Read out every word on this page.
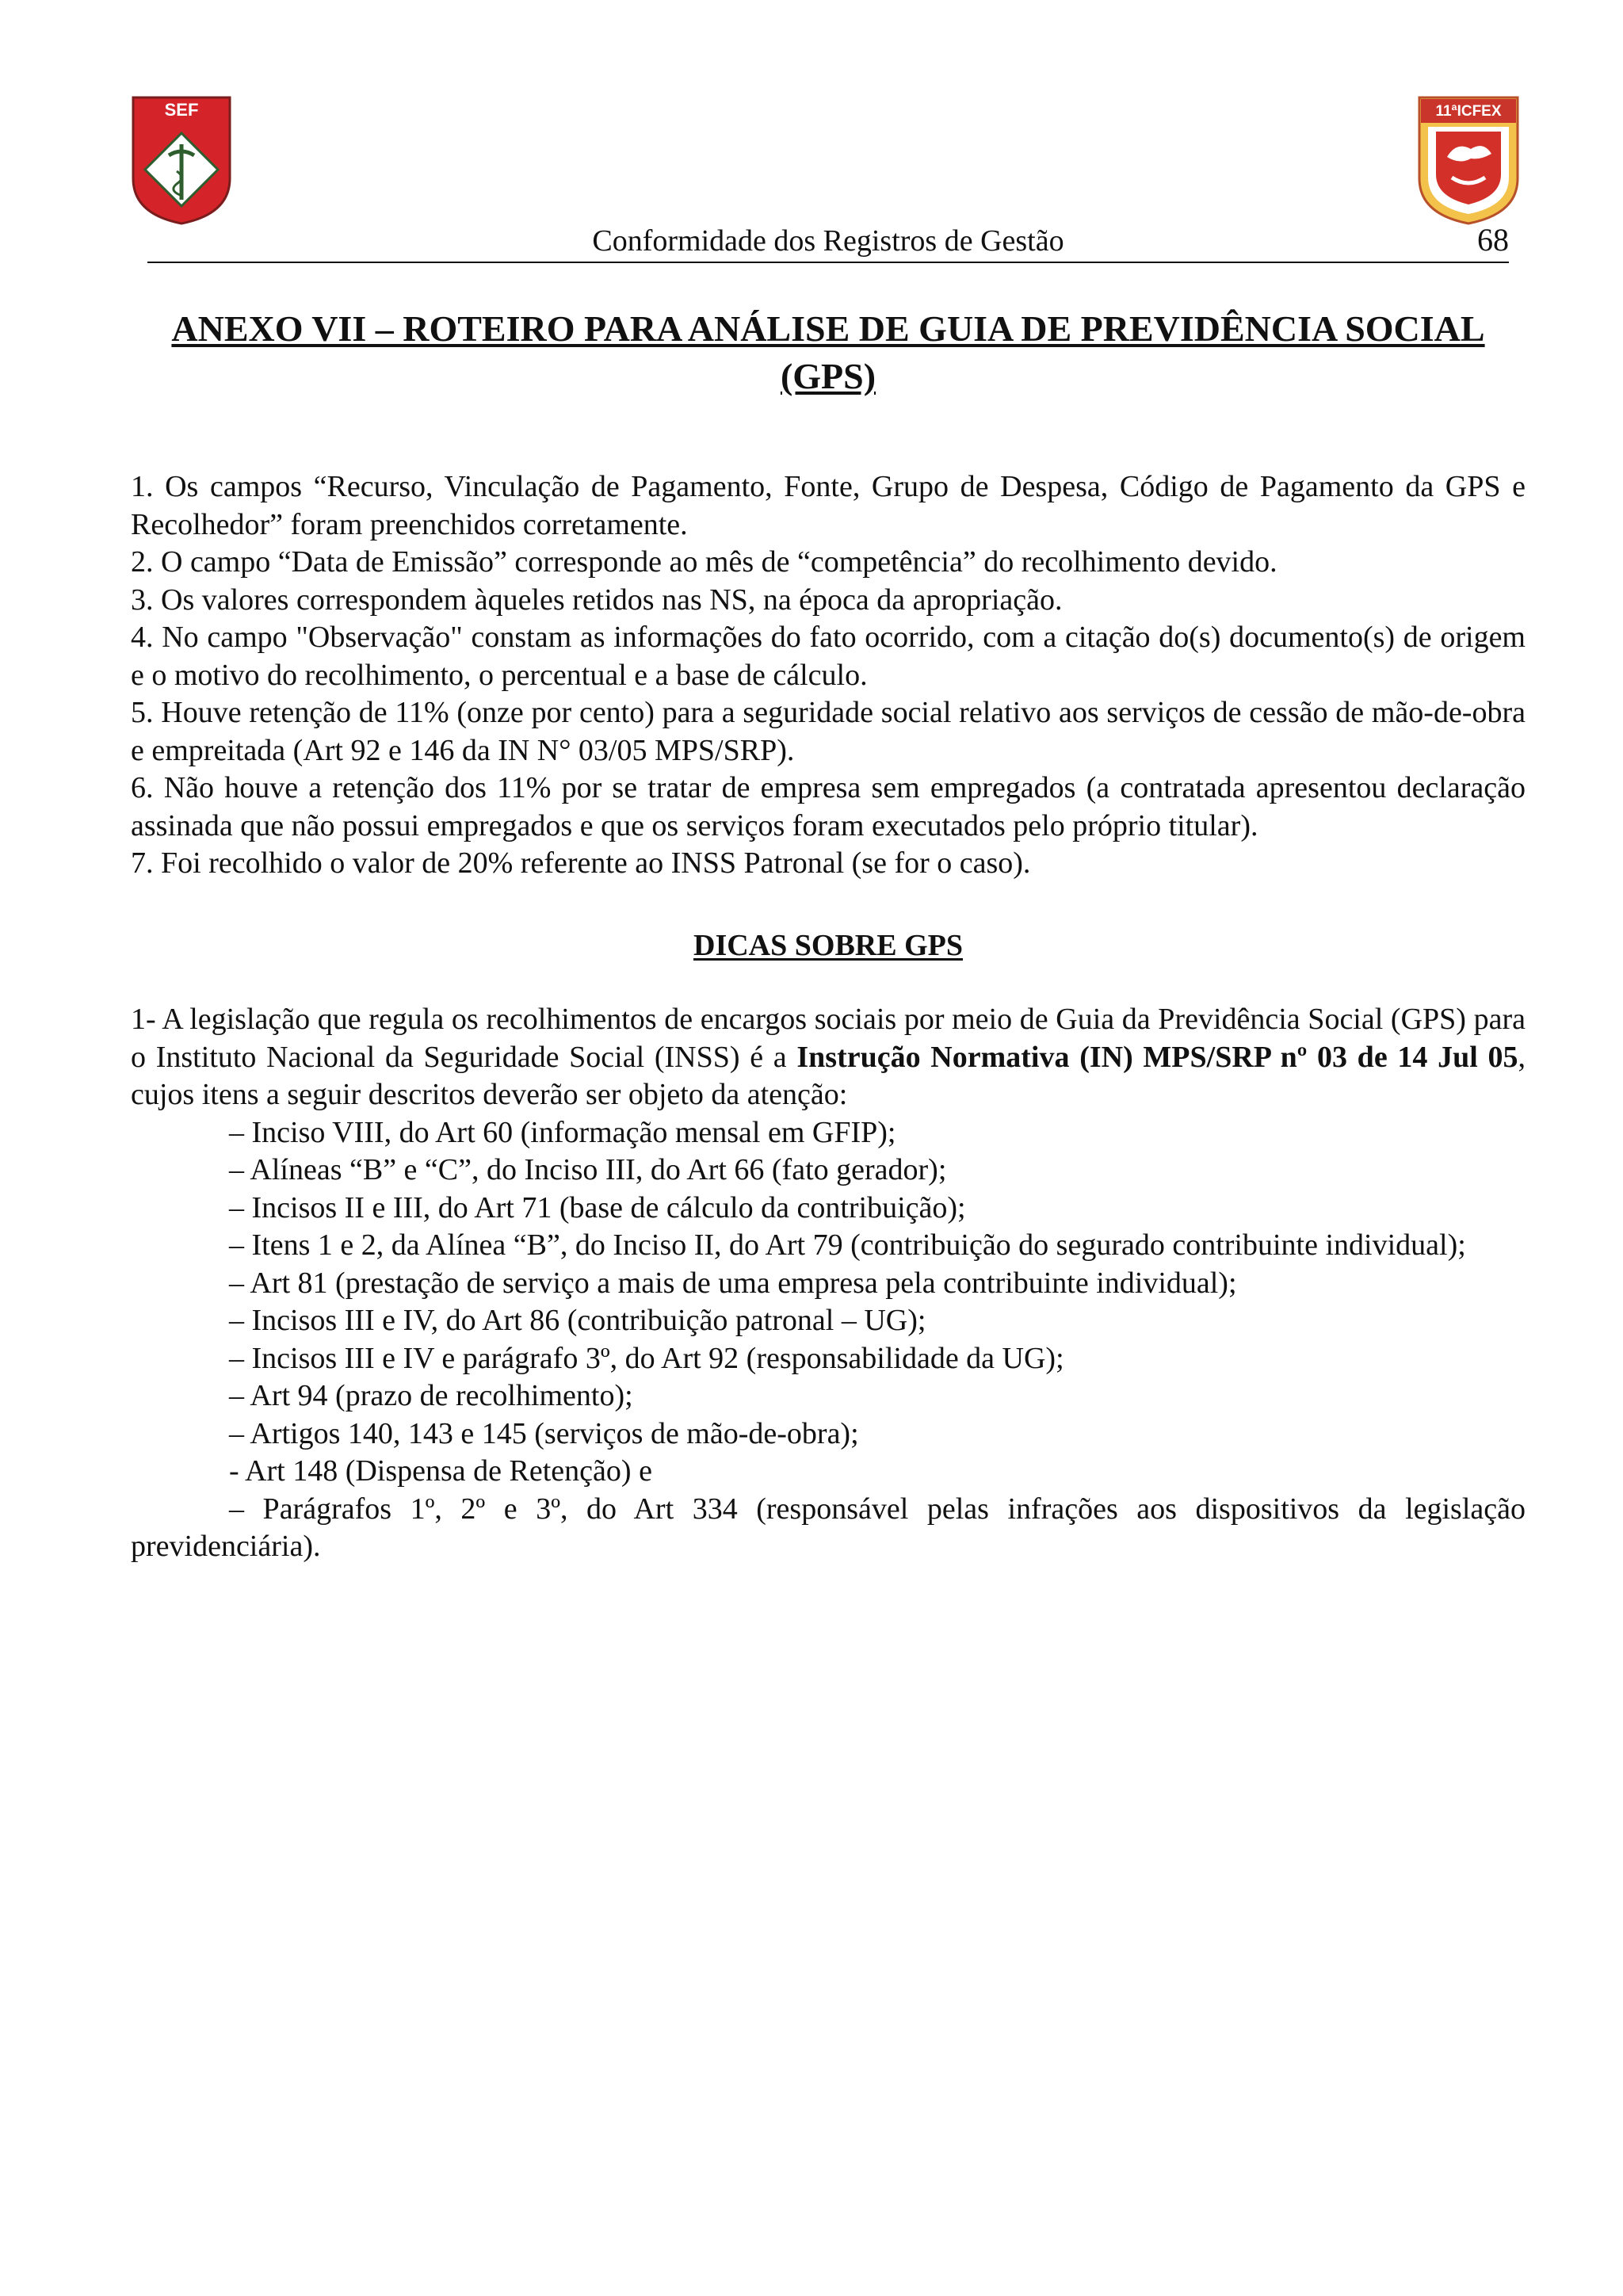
SEF	11ªICFEX
Conformidade dos Registros de Gestão	68
ANEXO VII – ROTEIRO PARA ANÁLISE DE GUIA DE PREVIDÊNCIA SOCIAL
(GPS)

1. Os campos “Recurso, Vinculação de Pagamento, Fonte, Grupo de Despesa, Código de Pagamento da GPS e Recolhedor” foram preenchidos corretamente.

2. O campo “Data de Emissão” corresponde ao mês de “competência” do recolhimento devido.

3. Os valores correspondem àqueles retidos nas NS, na época da apropriação.

4. No campo "Observação" constam as informações do fato ocorrido, com a citação do(s) documento(s) de origem e o motivo do recolhimento, o percentual e a base de cálculo.

5. Houve retenção de 11% (onze por cento) para a seguridade social relativo aos serviços de cessão de mão-de-obra e empreitada (Art 92 e 146 da IN N° 03/05 MPS/SRP).

6. Não houve a retenção dos 11% por se tratar de empresa sem empregados (a contratada apresentou declaração assinada que não possui empregados e que os serviços foram executados pelo próprio titular).

7. Foi recolhido o valor de 20% referente ao INSS Patronal (se for o caso).

DICAS SOBRE GPS

1- A legislação que regula os recolhimentos de encargos sociais por meio de Guia da Previdência Social (GPS) para o Instituto Nacional da Seguridade Social (INSS) é a Instrução Normativa (IN) MPS/SRP nº 03 de 14 Jul 05, cujos itens a seguir descritos deverão ser objeto da atenção:

– Inciso VIII, do Art 60 (informação mensal em GFIP);

– Alíneas “B” e “C”, do Inciso III, do Art 66 (fato gerador);

– Incisos II e III, do Art 71 (base de cálculo da contribuição);

– Itens 1 e 2, da Alínea “B”, do Inciso II, do Art 79 (contribuição do segurado contribuinte individual);

– Art 81 (prestação de serviço a mais de uma empresa pela contribuinte individual);

– Incisos III e IV, do Art 86 (contribuição patronal – UG);

– Incisos III e IV e parágrafo 3º, do Art 92 (responsabilidade da UG);

– Art 94 (prazo de recolhimento);

– Artigos 140, 143 e 145 (serviços de mão-de-obra);

- Art 148 (Dispensa de Retenção) e

– Parágrafos 1º, 2º e 3º, do Art 334 (responsável pelas infrações aos dispositivos da legislação previdenciária).
